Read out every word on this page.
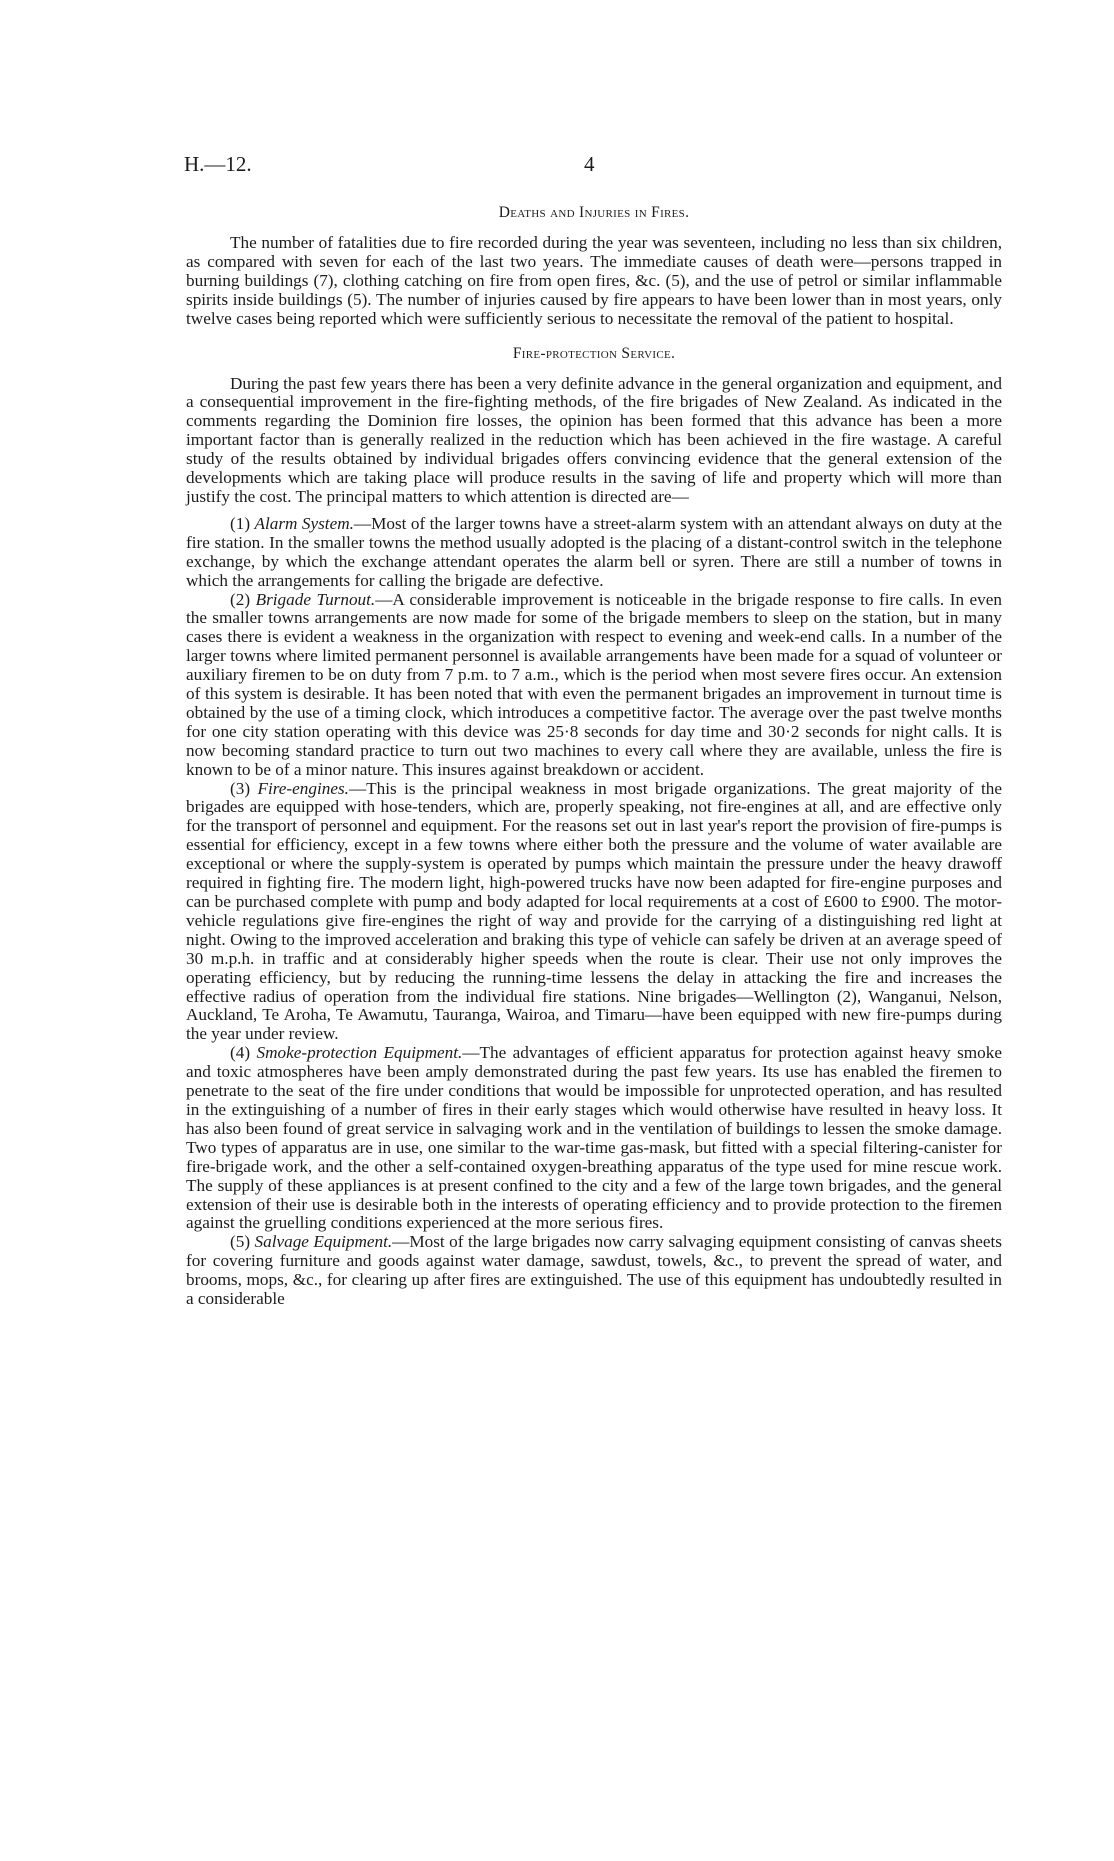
H.—12.	4
Deaths and Injuries in Fires.

The number of fatalities due to fire recorded during the year was seventeen, including no less than six children, as compared with seven for each of the last two years. The immediate causes of death were—persons trapped in burning buildings (7), clothing catching on fire from open fires, &c. (5), and the use of petrol or similar inflammable spirits inside buildings (5). The number of injuries caused by fire appears to have been lower than in most years, only twelve cases being reported which were sufficiently serious to necessitate the removal of the patient to hospital.

Fire-protection Service.

During the past few years there has been a very definite advance in the general organization and equipment, and a consequential improvement in the fire-fighting methods, of the fire brigades of New Zealand. As indicated in the comments regarding the Dominion fire losses, the opinion has been formed that this advance has been a more important factor than is generally realized in the reduction which has been achieved in the fire wastage. A careful study of the results obtained by individual brigades offers convincing evidence that the general extension of the developments which are taking place will produce results in the saving of life and property which will more than justify the cost. The principal matters to which attention is directed are—

(1) Alarm System.—Most of the larger towns have a street-alarm system with an attendant always on duty at the fire station. In the smaller towns the method usually adopted is the placing of a distant-control switch in the telephone exchange, by which the exchange attendant operates the alarm bell or syren. There are still a number of towns in which the arrangements for calling the brigade are defective.

(2) Brigade Turnout.—A considerable improvement is noticeable in the brigade response to fire calls. In even the smaller towns arrangements are now made for some of the brigade members to sleep on the station, but in many cases there is evident a weakness in the organization with respect to evening and week-end calls. In a number of the larger towns where limited permanent personnel is available arrangements have been made for a squad of volunteer or auxiliary firemen to be on duty from 7 p.m. to 7 a.m., which is the period when most severe fires occur. An extension of this system is desirable. It has been noted that with even the permanent brigades an improvement in turnout time is obtained by the use of a timing clock, which introduces a competitive factor. The average over the past twelve months for one city station operating with this device was 25·8 seconds for day time and 30·2 seconds for night calls. It is now becoming standard practice to turn out two machines to every call where they are available, unless the fire is known to be of a minor nature. This insures against breakdown or accident.

(3) Fire-engines.—This is the principal weakness in most brigade organizations. The great majority of the brigades are equipped with hose-tenders, which are, properly speaking, not fire-engines at all, and are effective only for the transport of personnel and equipment. For the reasons set out in last year's report the provision of fire-pumps is essential for efficiency, except in a few towns where either both the pressure and the volume of water available are exceptional or where the supply-system is operated by pumps which maintain the pressure under the heavy drawoff required in fighting fire. The modern light, high-powered trucks have now been adapted for fire-engine purposes and can be purchased complete with pump and body adapted for local requirements at a cost of £600 to £900. The motor-vehicle regulations give fire-engines the right of way and provide for the carrying of a distinguishing red light at night. Owing to the improved acceleration and braking this type of vehicle can safely be driven at an average speed of 30 m.p.h. in traffic and at considerably higher speeds when the route is clear. Their use not only improves the operating efficiency, but by reducing the running-time lessens the delay in attacking the fire and increases the effective radius of operation from the individual fire stations. Nine brigades—Wellington (2), Wanganui, Nelson, Auckland, Te Aroha, Te Awamutu, Tauranga, Wairoa, and Timaru—have been equipped with new fire-pumps during the year under review.

(4) Smoke-protection Equipment.—The advantages of efficient apparatus for protection against heavy smoke and toxic atmospheres have been amply demonstrated during the past few years. Its use has enabled the firemen to penetrate to the seat of the fire under conditions that would be impossible for unprotected operation, and has resulted in the extinguishing of a number of fires in their early stages which would otherwise have resulted in heavy loss. It has also been found of great service in salvaging work and in the ventilation of buildings to lessen the smoke damage. Two types of apparatus are in use, one similar to the war-time gas-mask, but fitted with a special filtering-canister for fire-brigade work, and the other a self-contained oxygen-breathing apparatus of the type used for mine rescue work. The supply of these appliances is at present confined to the city and a few of the large town brigades, and the general extension of their use is desirable both in the interests of operating efficiency and to provide protection to the firemen against the gruelling conditions experienced at the more serious fires.

(5) Salvage Equipment.—Most of the large brigades now carry salvaging equipment consisting of canvas sheets for covering furniture and goods against water damage, sawdust, towels, &c., to prevent the spread of water, and brooms, mops, &c., for clearing up after fires are extinguished. The use of this equipment has undoubtedly resulted in a considerable
